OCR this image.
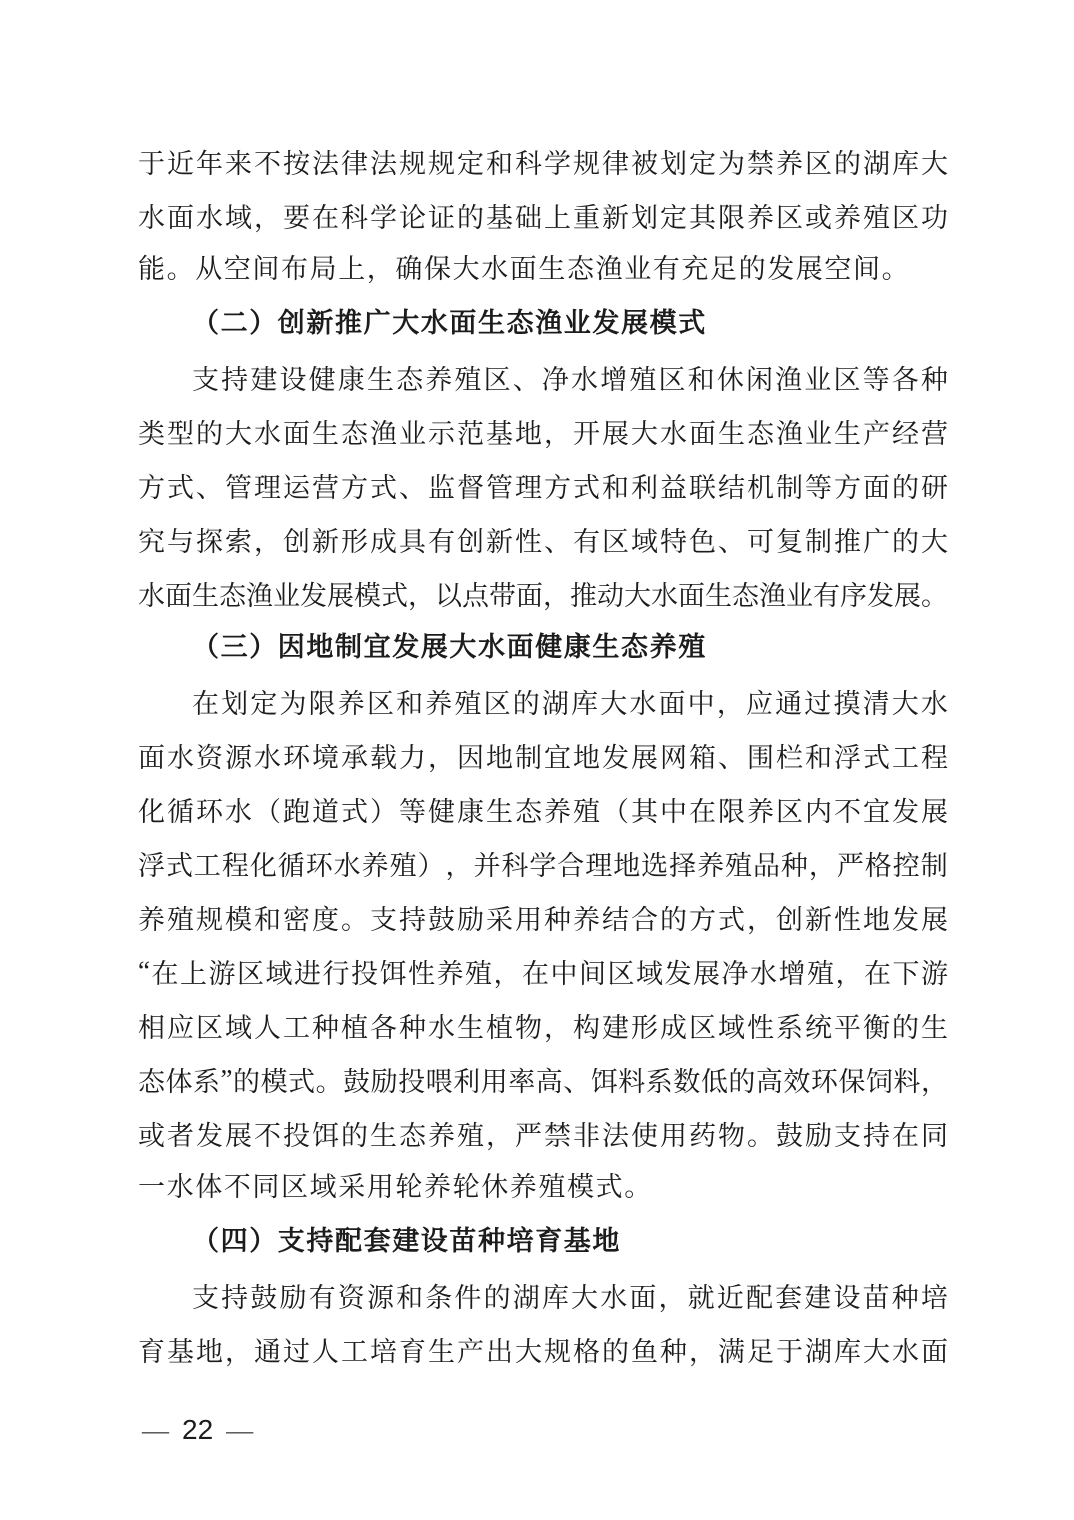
于 近 年 来 不 按 法 律 法 规 规 定 和 科 学 规 律 被 划 定 为 禁 养 区 的 湖 库 大
水 面 水 域 ， 要 在 科 学 论 证 的 基 础 上 重 新 划 定 其 限 养 区 或 养 殖 区 功
能。从空间布局上，确保大水面生态渔业有充足的发展空间。
（二）创新推广大水面生态渔业发展模式
支 持 建 设 健 康 生 态 养 殖 区 、 净 水 增 殖 区 和 休 闲 渔 业 区 等 各 种
类 型 的 大 水 面 生 态 渔 业 示 范 基 地 ， 开 展 大 水 面 生 态 渔 业 生 产 经 营
方 式 、 管 理 运 营 方 式 、 监 督 管 理 方 式 和 利 益 联 结 机 制 等 方 面 的 研
究 与 探 索 ， 创 新 形 成 具 有 创 新 性 、 有 区 域 特 色 、 可 复 制 推 广 的 大
水 面 生 态 渔 业 发 展 模 式 ， 以 点 带 面 ， 推 动 大 水 面 生 态 渔 业 有 序 发 展 。
（三）因地制宜发展大水面健康生态养殖
在 划 定 为 限 养 区 和 养 殖 区 的 湖 库 大 水 面 中 ， 应 通 过 摸 清 大 水
面 水 资 源 水 环 境 承 载 力 ， 因 地 制 宜 地 发 展 网 箱 、 围 栏 和 浮 式 工 程
化 循 环 水 （ 跑 道 式 ） 等 健 康 生 态 养 殖 （ 其 中 在 限 养 区 内 不 宜 发 展
浮 式 工 程 化 循 环 水 养 殖 ） ， 并 科 学 合 理 地 选 择 养 殖 品 种 ， 严 格 控 制
养 殖 规 模 和 密 度 。 支 持 鼓 励 采 用 种 养 结 合 的 方 式 ， 创 新 性 地 发 展
“ 在 上 游 区 域 进 行 投 饵 性 养 殖 ， 在 中 间 区 域 发 展 净 水 增 殖 ， 在 下 游
相 应 区 域 人 工 种 植 各 种 水 生 植 物 ， 构 建 形 成 区 域 性 系 统 平 衡 的 生
态 体 系 ” 的 模 式 。 鼓 励 投 喂 利 用 率 高 、 饵 料 系 数 低 的 高 效 环 保 饲 料 ，
或 者 发 展 不 投 饵 的 生 态 养 殖 ， 严 禁 非 法 使 用 药 物 。 鼓 励 支 持 在 同
一水体不同区域采用轮养轮休养殖模式。
（四）支持配套建设苗种培育基地
支 持 鼓 励 有 资 源 和 条 件 的 湖 库 大 水 面 ， 就 近 配 套 建 设 苗 种 培
育 基 地 ， 通 过 人 工 培 育 生 产 出 大 规 格 的 鱼 种 ， 满 足 于 湖 库 大 水 面
— 22 —
